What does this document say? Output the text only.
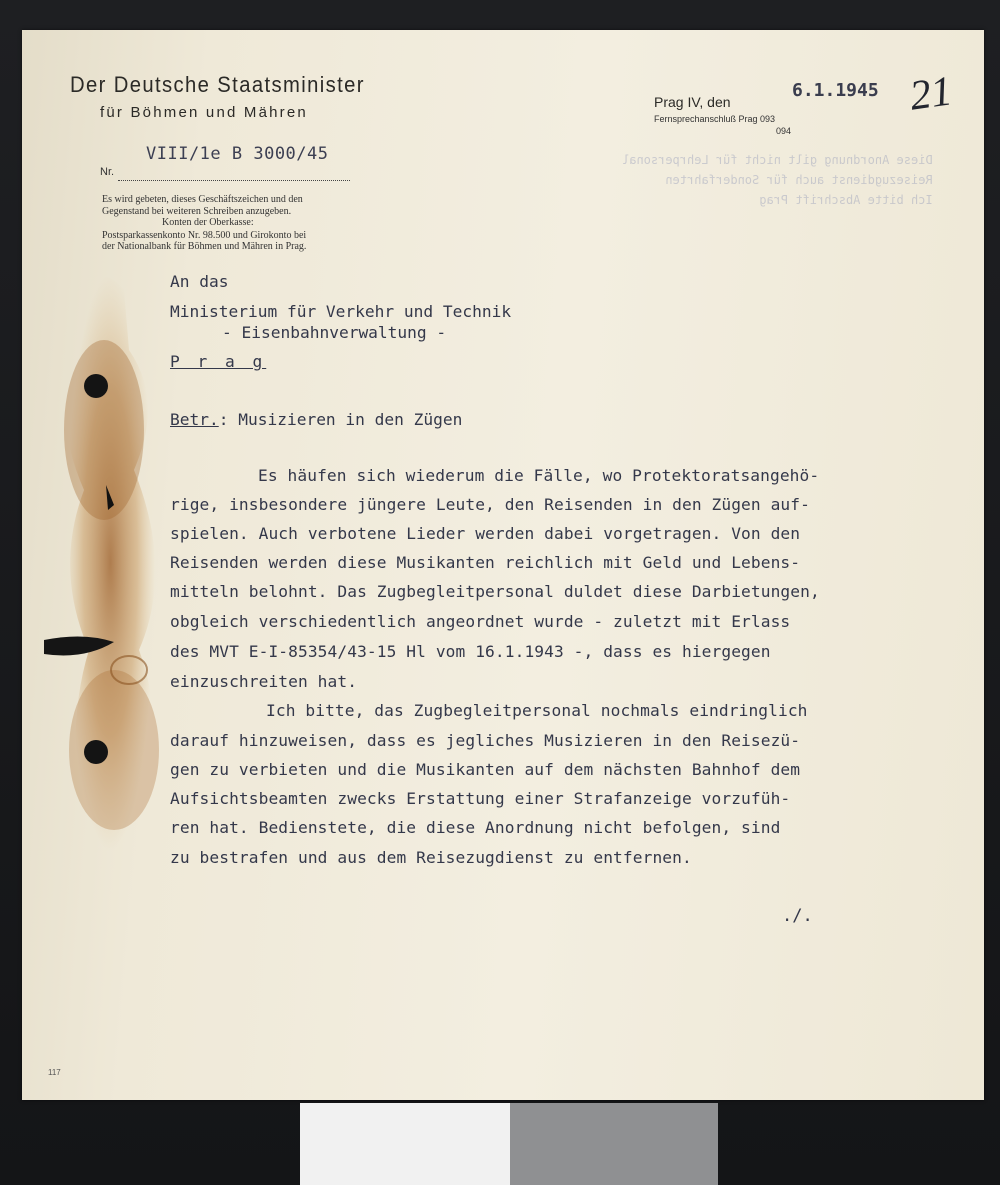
Diese Anordnung gilt nicht für Lehrpersonal
Reisezugdienst auch für Sonderfahrten
Ich bitte Abschrift Prag
Der Deutsche Staatsminister
für Böhmen und Mähren
VIII/1e B 3000/45
Nr.
Es wird gebeten, dieses Geschäftszeichen und den
Gegenstand bei weiteren Schreiben anzugeben.
Konten der Oberkasse:
Postsparkassenkonto Nr. 98.500 und Girokonto bei
der Nationalbank für Böhmen und Mähren in Prag.
Prag IV, den
6.1.1945
Fernsprechanschluß Prag 093
094
21
An das
Ministerium für Verkehr und Technik
- Eisenbahnverwaltung -
P r a g
Betr.: Musizieren in den Zügen
Es häufen sich wiederum die Fälle, wo Protektoratsangehö-
rige, insbesondere jüngere Leute, den Reisenden in den Zügen auf-
spielen. Auch verbotene Lieder werden dabei vorgetragen. Von den
Reisenden werden diese Musikanten reichlich mit Geld und Lebens-
mitteln belohnt. Das Zugbegleitpersonal duldet diese Darbietungen,
obgleich verschiedentlich angeordnet wurde - zuletzt mit Erlass
des MVT E-I-85354/43-15 Hl vom 16.1.1943 -, dass es hiergegen
einzuschreiten hat.
Ich bitte, das Zugbegleitpersonal nochmals eindringlich
darauf hinzuweisen, dass es jegliches Musizieren in den Reisezü-
gen zu verbieten und die Musikanten auf dem nächsten Bahnhof dem
Aufsichtsbeamten zwecks Erstattung einer Strafanzeige vorzufüh-
ren hat. Bedienstete, die diese Anordnung nicht befolgen, sind
zu bestrafen und aus dem Reisezugdienst zu entfernen.
./.
117
